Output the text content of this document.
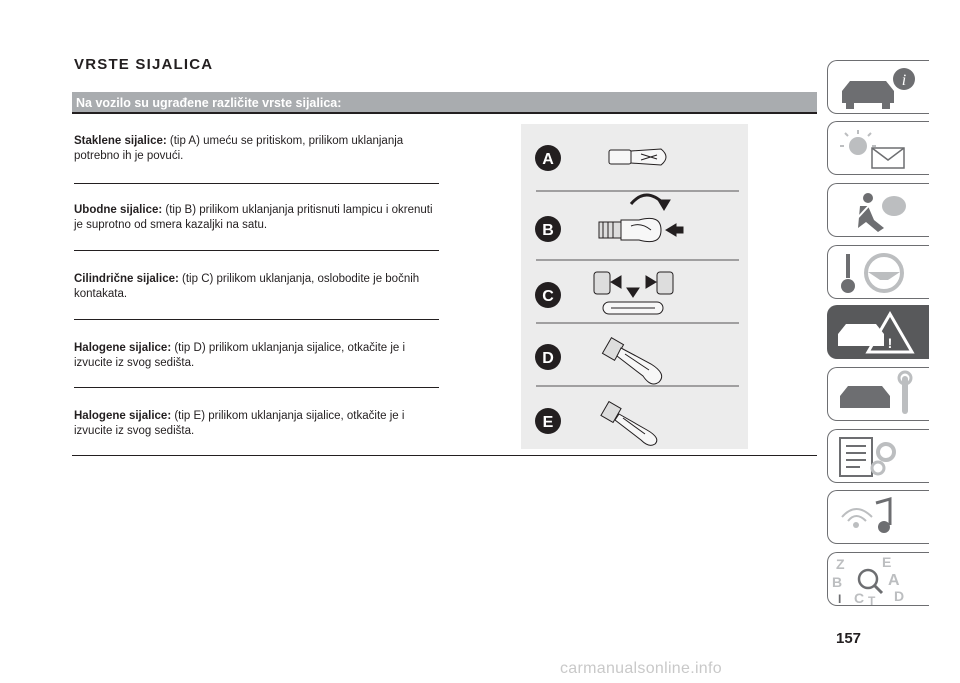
VRSTE SIJALICA
Na vozilo su ugrađene različite vrste sijalica:
Staklene sijalice: (tip A) umeću se pritiskom, prilikom uklanjanja potrebno ih je povući.
Ubodne sijalice: (tip B) prilikom uklanjanja pritisnuti lampicu i okrenuti je suprotno od smera kazaljki na satu.
Cilindrične sijalice: (tip C) prilikom uklanjanja, oslobodite je bočnih kontakata.
Halogene sijalice: (tip D) prilikom uklanjanja sijalice, otkačite je i izvucite iz svog sedišta.
Halogene sijalice: (tip E) prilikom uklanjanja sijalice, otkačite je i izvucite iz svog sedišta.
A
B
C
D
E
i
!
Z	E
B	A
C D
T
I
157
carmanualsonline.info
